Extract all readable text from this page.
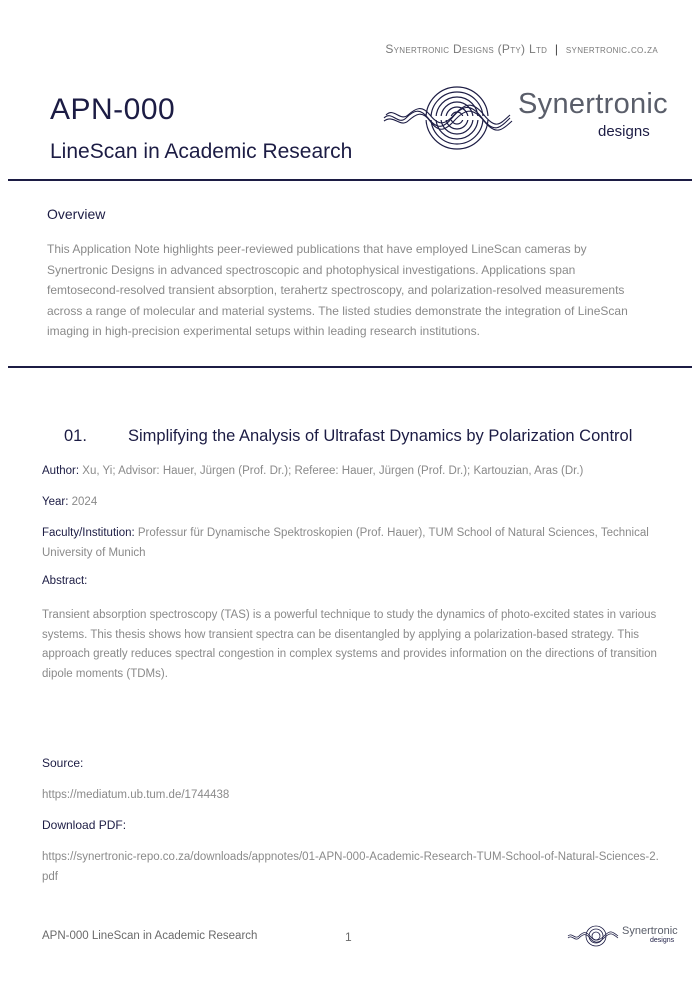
Synertronic Designs (Pty) Ltd | synertronic.co.za
APN-000
LineScan in Academic Research
Synertronic
designs
Overview
This Application Note highlights peer-reviewed publications that have employed LineScan cameras by Synertronic Designs in advanced spectroscopic and photophysical investigations. Applications span femtosecond-resolved transient absorption, terahertz spectroscopy, and polarization-resolved measurements across a range of molecular and material systems. The listed studies demonstrate the integration of LineScan imaging in high-precision experimental setups within leading research institutions.
01. Simplifying the Analysis of Ultrafast Dynamics by Polarization Control
Author: Xu, Yi; Advisor: Hauer, Jürgen (Prof. Dr.); Referee: Hauer, Jürgen (Prof. Dr.); Kartouzian, Aras (Dr.)
Year: 2024
Faculty/Institution: Professur für Dynamische Spektroskopien (Prof. Hauer), TUM School of Natural Sciences, Technical University of Munich
Abstract:
Transient absorption spectroscopy (TAS) is a powerful technique to study the dynamics of photo-excited states in various systems. This thesis shows how transient spectra can be disentangled by applying a polarization-based strategy. This approach greatly reduces spectral congestion in complex systems and provides information on the directions of transition dipole moments (TDMs).
Source:
https://mediatum.ub.tum.de/1744438
Download PDF:
https://synertronic-repo.co.za/downloads/appnotes/01-APN-000-Academic-Research-TUM-School-of-Natural-Sciences-2.pdf
APN-000 LineScan in Academic Research	1	Synertronic
designs
